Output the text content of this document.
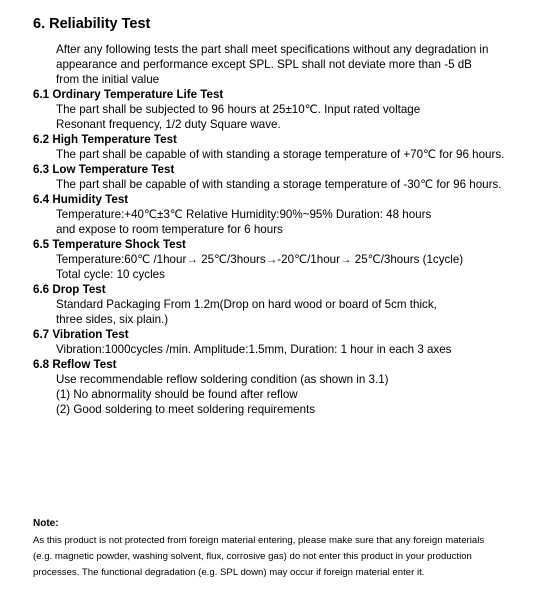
6. Reliability Test
After any following tests the part shall meet specifications without any degradation in
appearance and performance except SPL. SPL shall not deviate more than -5 dB
from the initial value
6.1 Ordinary Temperature Life Test
The part shall be subjected to 96 hours at 25±10℃. Input rated voltage
Resonant frequency, 1/2 duty Square wave.
6.2 High Temperature Test
The part shall be capable of with standing a storage temperature of +70℃ for 96 hours.
6.3 Low Temperature Test
The part shall be capable of with standing a storage temperature of -30℃ for 96 hours.
6.4 Humidity Test
Temperature:+40℃±3℃ Relative Humidity:90%~95% Duration: 48 hours
and expose to room temperature for 6 hours
6.5 Temperature Shock Test
Temperature:60℃ /1hour→ 25℃/3hours→-20℃/1hour→ 25℃/3hours (1cycle)
Total cycle: 10 cycles
6.6 Drop Test
Standard Packaging From 1.2m(Drop on hard wood or board of 5cm thick,
three sides, six plain.)
6.7 Vibration Test
Vibration:1000cycles /min. Amplitude:1.5mm, Duration: 1 hour in each 3 axes
6.8 Reflow Test
Use recommendable reflow soldering condition (as shown in 3.1)
(1) No abnormality should be found after reflow
(2) Good soldering to meet soldering requirements
Note:
As this product is not protected from foreign material entering, please make sure that any foreign materials
(e.g. magnetic powder, washing solvent, flux, corrosive gas) do not enter this product in your production
processes. The functional degradation (e.g. SPL down) may occur if foreign material enter it.
